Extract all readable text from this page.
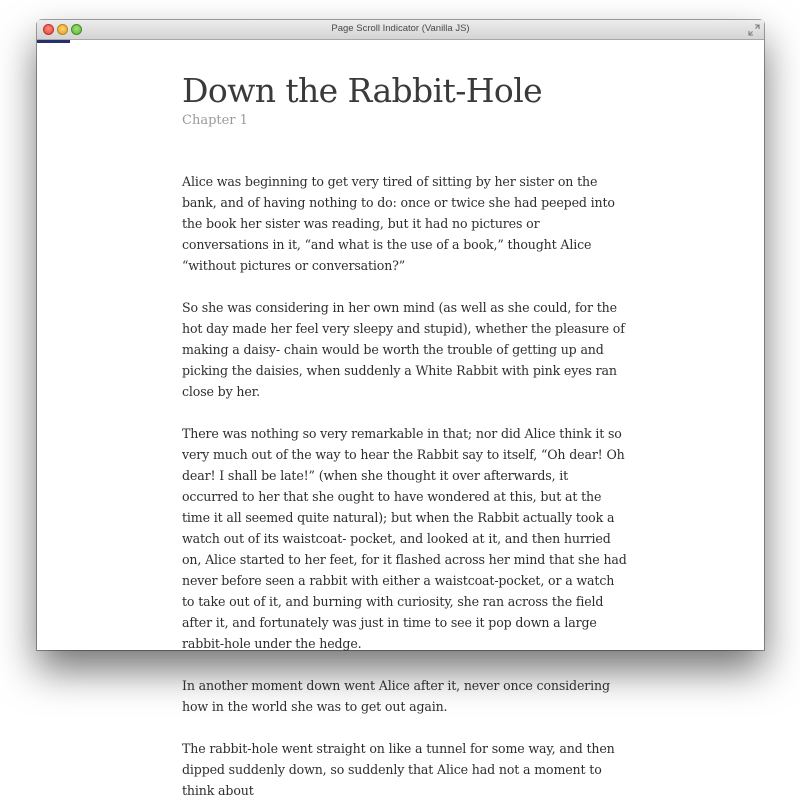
Page Scroll Indicator (Vanilla JS)
Down the Rabbit-Hole
Chapter 1

Alice was beginning to get very tired of sitting by her sister on the bank, and of having nothing to do: once or twice she had peeped into the book her sister was reading, but it had no pictures or conversations in it, “and what is the use of a book,” thought Alice “without pictures or conversation?”

So she was considering in her own mind (as well as she could, for the hot day made her feel very sleepy and stupid), whether the pleasure of making a daisy- chain would be worth the trouble of getting up and picking the daisies, when suddenly a White Rabbit with pink eyes ran close by her.

There was nothing so very remarkable in that; nor did Alice think it so very much out of the way to hear the Rabbit say to itself, “Oh dear! Oh dear! I shall be late!” (when she thought it over afterwards, it occurred to her that she ought to have wondered at this, but at the time it all seemed quite natural); but when the Rabbit actually took a watch out of its waistcoat- pocket, and looked at it, and then hurried on, Alice started to her feet, for it flashed across her mind that she had never before seen a rabbit with either a waistcoat-pocket, or a watch to take out of it, and burning with curiosity, she ran across the field after it, and fortunately was just in time to see it pop down a large rabbit-hole under the hedge.

In another moment down went Alice after it, never once considering how in the world she was to get out again.

The rabbit-hole went straight on like a tunnel for some way, and then dipped suddenly down, so suddenly that Alice had not a moment to think about
